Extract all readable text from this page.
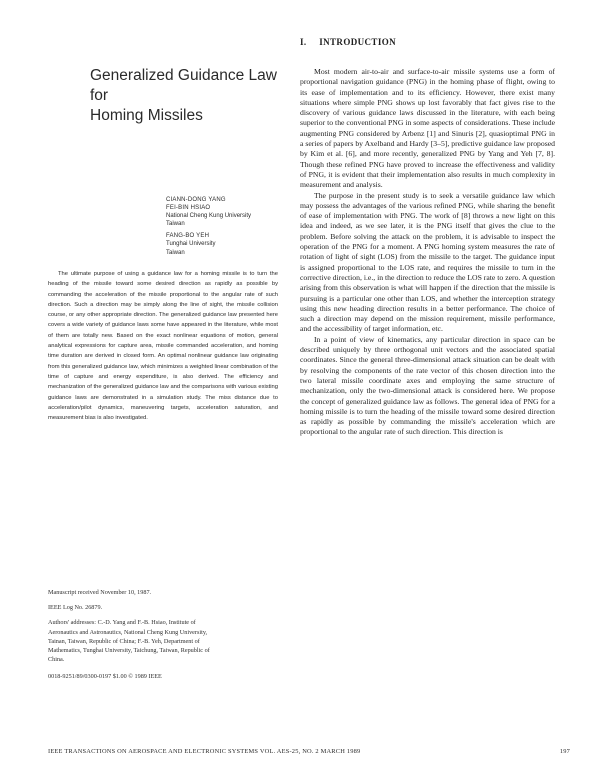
I. INTRODUCTION
Generalized Guidance Law for
Homing Missiles
CIANN-DONG YANG
FEI-BIN HSIAO
National Cheng Kung University
Taiwan
FANG-BO YEH
Tunghai University
Taiwan

The ultimate purpose of using a guidance law for a homing missile is to turn the heading of the missile toward some desired direction as rapidly as possible by commanding the acceleration of the missile proportional to the angular rate of such direction. Such a direction may be simply along the line of sight, the missile collision course, or any other appropriate direction. The generalized guidance law presented here covers a wide variety of guidance laws some have appeared in the literature, while most of them are totally new. Based on the exact nonlinear equations of motion, general analytical expressions for capture area, missile commanded acceleration, and homing time duration are derived in closed form. An optimal nonlinear guidance law originating from this generalized guidance law, which minimizes a weighted linear combination of the time of capture and energy expenditure, is also derived. The efficiency and mechanization of the generalized guidance law and the comparisons with various existing guidance laws are demonstrated in a simulation study. The miss distance due to acceleration/pilot dynamics, maneuvering targets, acceleration saturation, and measurement bias is also investigated.

Manuscript received November 10, 1987.

IEEE Log No. 26879.

Authors' addresses: C.-D. Yang and F.-B. Hsiao, Institute of

Aeronautics and Astronautics, National Cheng Kung University,

Tainan, Taiwan, Republic of China; F.-B. Yeh, Department of

Mathematics, Tunghai University, Taichung, Taiwan, Republic of

China.

0018-9251/89/0300-0197 $1.00 © 1989 IEEE

Most modern air-to-air and surface-to-air missile systems use a form of proportional navigation guidance (PNG) in the homing phase of flight, owing to its ease of implementation and to its efficiency. However, there exist many situations where simple PNG shows up lost favorably that fact gives rise to the discovery of various guidance laws discussed in the literature, with each being superior to the conventional PNG in some aspects of considerations. These include augmenting PNG considered by Arbenz [1] and Sinuris [2], quasioptimal PNG in a series of papers by Axelband and Hardy [3–5], predictive guidance law proposed by Kim et al. [6], and more recently, generalized PNG by Yang and Yeh [7, 8]. Though these refined PNG have proved to increase the effectiveness and validity of PNG, it is evident that their implementation also results in much complexity in measurement and analysis.

The purpose in the present study is to seek a versatile guidance law which may possess the advantages of the various refined PNG, while sharing the benefit of ease of implementation with PNG. The work of [8] throws a new light on this idea and indeed, as we see later, it is the PNG itself that gives the clue to the problem. Before solving the attack on the problem, it is advisable to inspect the operation of the PNG for a moment. A PNG homing system measures the rate of rotation of light of sight (LOS) from the missile to the target. The guidance input is assigned proportional to the LOS rate, and requires the missile to turn in the corrective direction, i.e., in the direction to reduce the LOS rate to zero. A question arising from this observation is what will happen if the direction that the missile is pursuing is a particular one other than LOS, and whether the interception strategy using this new heading direction results in a better performance. The choice of such a direction may depend on the mission requirement, missile performance, and the accessibility of target information, etc.

In a point of view of kinematics, any particular direction in space can be described uniquely by three orthogonal unit vectors and the associated spatial coordinates. Since the general three-dimensional attack situation can be dealt with by resolving the components of the rate vector of this chosen direction into the two lateral missile coordinate axes and employing the same structure of mechanization, only the two-dimensional attack is considered here. We propose the concept of generalized guidance law as follows. The general idea of PNG for a homing missile is to turn the heading of the missile toward some desired direction as rapidly as possible by commanding the missile's acceleration which are proportional to the angular rate of such direction. This direction is

IEEE TRANSACTIONS ON AEROSPACE AND ELECTRONIC SYSTEMS VOL. AES-25, NO. 2 MARCH 1989	197
